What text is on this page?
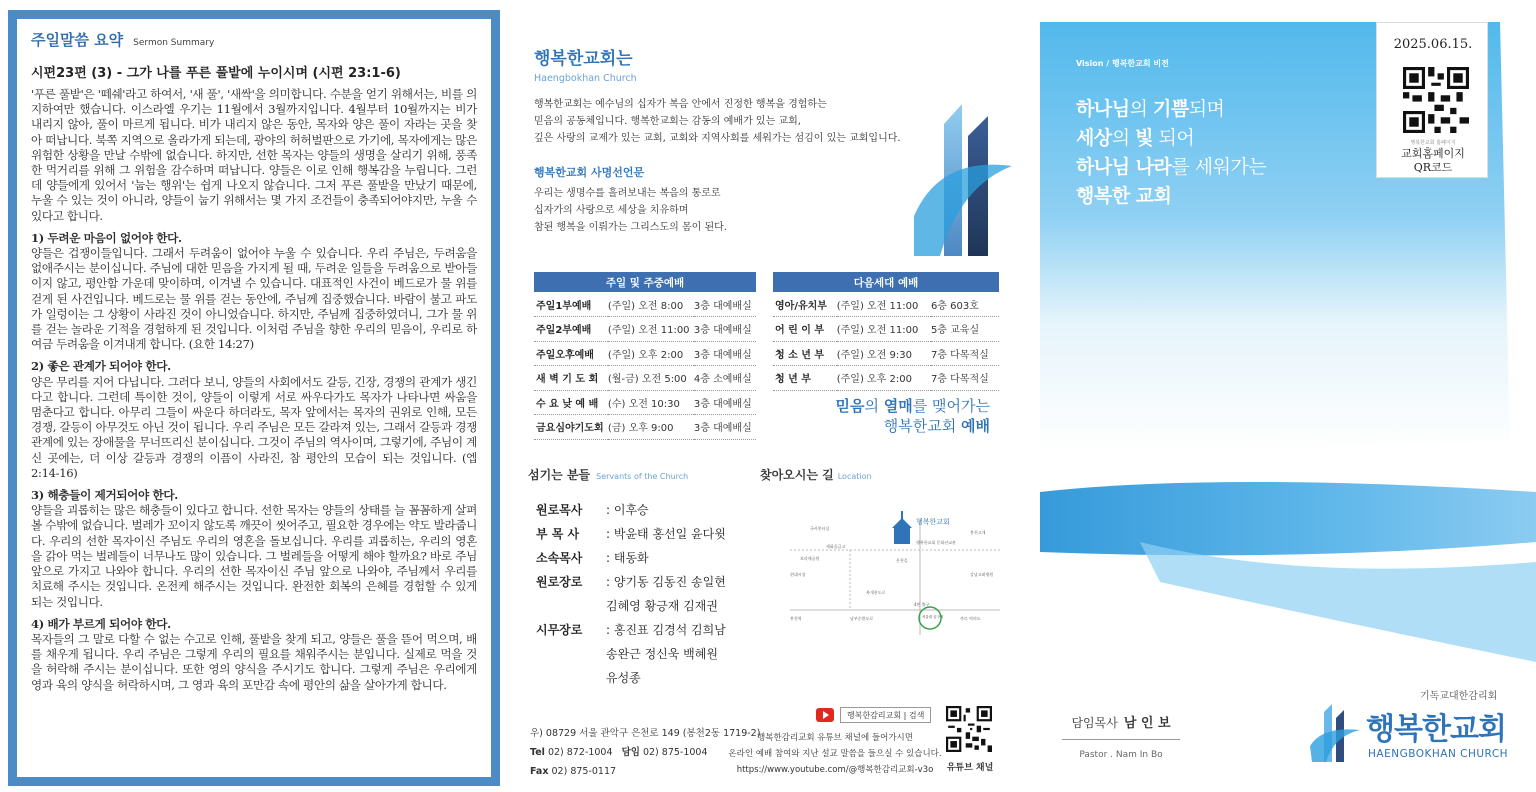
주일말씀 요약 Sermon Summary
시편23편 (3) - 그가 나를 푸른 풀밭에 누이시며 (시편 23:1-6)

'푸른 풀밭'은 '떼쉐'라고 하여서, '새 풀', '새싹'을 의미합니다. 수분을 얻기 위해서는, 비를 의지하여만 했습니다. 이스라엘 우기는 11월에서 3월까지입니다. 4월부터 10월까지는 비가 내리지 않아, 풀이 마르게 됩니다. 비가 내리지 않은 동안, 목자와 양은 풀이 자라는 곳을 찾아 떠납니다. 북쪽 지역으로 올라가게 되는데, 광야의 허허벌판으로 가기에, 목자에게는 많은 위험한 상황을 만날 수밖에 없습니다. 하지만, 선한 목자는 양들의 생명을 살리기 위해, 풍족한 먹거리를 위해 그 위험을 감수하며 떠납니다. 양들은 이로 인해 행복감을 누립니다. 그런데 양들에게 있어서 '눕는 행위'는 쉽게 나오지 않습니다. 그저 푸른 풀밭을 만났기 때문에, 누울 수 있는 것이 아니라, 양들이 눕기 위해서는 몇 가지 조건들이 충족되어야지만, 누울 수 있다고 합니다.

1) 두려운 마음이 없어야 한다.

양들은 겁쟁이들입니다. 그래서 두려움이 없어야 누울 수 있습니다. 우리 주님은, 두려움을 없애주시는 분이십니다. 주님에 대한 믿음을 가지게 될 때, 두려운 일들을 두려움으로 받아들이지 않고, 평안함 가운데 맞이하며, 이겨낼 수 있습니다. 대표적인 사건이 베드로가 물 위를 걷게 된 사건입니다. 베드로는 물 위를 걷는 동안에, 주님께 집중했습니다. 바람이 불고 파도가 일렁이는 그 상황이 사라진 것이 아니었습니다. 하지만, 주님께 집중하였더니, 그가 물 위를 걷는 놀라운 기적을 경험하게 된 것입니다. 이처럼 주님을 향한 우리의 믿음이, 우리로 하여금 두려움을 이겨내게 합니다. (요한 14:27)

2) 좋은 관계가 되어야 한다.

양은 무리를 지어 다닙니다. 그러다 보니, 양들의 사회에서도 갈등, 긴장, 경쟁의 관계가 생긴다고 합니다. 그런데 특이한 것이, 양들이 이렇게 서로 싸우다가도 목자가 나타나면 싸움을 멈춘다고 합니다. 아무리 그들이 싸운다 하더라도, 목자 앞에서는 목자의 권위로 인해, 모든 경쟁, 갈등이 아무것도 아닌 것이 됩니다. 우리 주님은 모든 갈라져 있는, 그래서 갈등과 경쟁 관계에 있는 장애물을 무너뜨리신 분이십니다. 그것이 주님의 역사이며, 그렇기에, 주님이 계신 곳에는, 더 이상 갈등과 경쟁의 이픔이 사라진, 참 평안의 모습이 되는 것입니다. (엡 2:14-16)

3) 해충들이 제거되어야 한다.

양들을 괴롭히는 많은 해충들이 있다고 합니다. 선한 목자는 양들의 상태를 늘 꼼꼼하게 살펴볼 수밖에 없습니다. 벌레가 꼬이지 않도록 깨끗이 씻어주고, 필요한 경우에는 약도 발라줍니다. 우리의 선한 목자이신 주님도 우리의 영혼을 돌보십니다. 우리를 괴롭히는, 우리의 영혼을 갉아 먹는 벌레들이 너무나도 많이 있습니다. 그 벌레들을 어떻게 해야 할까요? 바로 주님 앞으로 가지고 나와야 합니다. 우리의 선한 목자이신 주님 앞으로 나와야, 주님께서 우리를 치료해 주시는 것입니다. 온전케 해주시는 것입니다. 완전한 회복의 은혜를 경험할 수 있게 되는 것입니다.

4) 배가 부르게 되어야 한다.

목자들의 그 말로 다할 수 없는 수고로 인해, 풀밭을 찾게 되고, 양들은 풀을 뜯어 먹으며, 배를 채우게 됩니다. 우리 주님은 그렇게 우리의 필요를 채워주시는 분입니다. 실제로 먹을 것을 허락해 주시는 분이십니다. 또한 영의 양식을 주시기도 합니다. 그렇게 주님은 우리에게 영과 육의 양식을 허락하시며, 그 영과 육의 포만감 속에 평안의 삶을 살아가게 합니다.

행복한교회는
Haengbokhan Church
행복한교회는 예수님의 십자가 복음 안에서 진정한 행복을 경험하는
믿음의 공동체입니다. 행복한교회는 감동의 예배가 있는 교회,
깊은 사랑의 교제가 있는 교회, 교회와 지역사회를 세워가는 섬김이 있는 교회입니다.
행복한교회 사명선언문
우리는 생명수를 흘려보내는 복음의 통로로
십자가의 사랑으로 세상을 치유하며
참된 행복을 이뤄가는 그리스도의 몸이 된다.
주일 및 주중예배		
주일1부예배	(주일) 오전 8:00	3층 대예배실
주일2부예배	(주일) 오전 11:00	3층 대예배실
주일오후예배	(주일) 오후 2:00	3층 대예배실
새 벽 기 도 회	(월-금) 오전 5:00	4층 소예배실
수 요 낮 예 배	(수) 오전 10:30	3층 대예배실
금요심야기도회	(금) 오후 9:00	3층 대예배실
다음세대 예배		
영아/유치부	(주일) 오전 11:00	6층 603호
어 린 이 부	(주일) 오전 11:00	5층 교육실
청 소 년 부	(주일) 오전 9:30	7층 다목적실
청 년 부	(주일) 오후 2:00	7층 다목적실
믿음의 열매를 맺어가는
행복한교회 예배
섬기는 분들 Servants of the Church
원로목사	: 이후승
부 목 사	: 박윤태 홍선일 윤다윗
소속목사	: 태동화
원로장로	: 양기동 김동진 송일현
김혜영 황긍재 김재권
시무장로	: 홍진표 김경석 김희남
송완근 정신욱 백혜원
유성종
찾아오시는 길 Location
행복한교회
국사봉터널
봉천고개
세화올급고
행복한교회 문화선교관
보라매공원	은천길
현대시장	강남고려병원
복개천도로
4번 출구
서울대 입구역
봉천역	남부순환도로	까르 여의도
우) 08729 서울 관악구 은천로 149 (봉천2동 1719-2)
Tel 02) 872-1004 담임 02) 875-1004
Fax 02) 875-0117
행복한감리교회 | 검색
행복한감리교회 유튜브 채널에 들어가시면
온라인 예배 참여와 지난 설교 말씀을 들으실 수 있습니다.
https://www.youtube.com/@행복한감리교회-v3o	유튜브 채널
Vision / 행복한교회 비전
하나님의 기쁨되며
세상의 빛 되어
하나님 나라를 세워가는
행복한 교회
2025.06.15.
행복한교회 홈페이지
교회홈페이지
QR코드
담임목사 남 인 보
Pastor . Nam In Bo
기독교대한감리회
행복한교회
HAENGBOKHAN CHURCH
